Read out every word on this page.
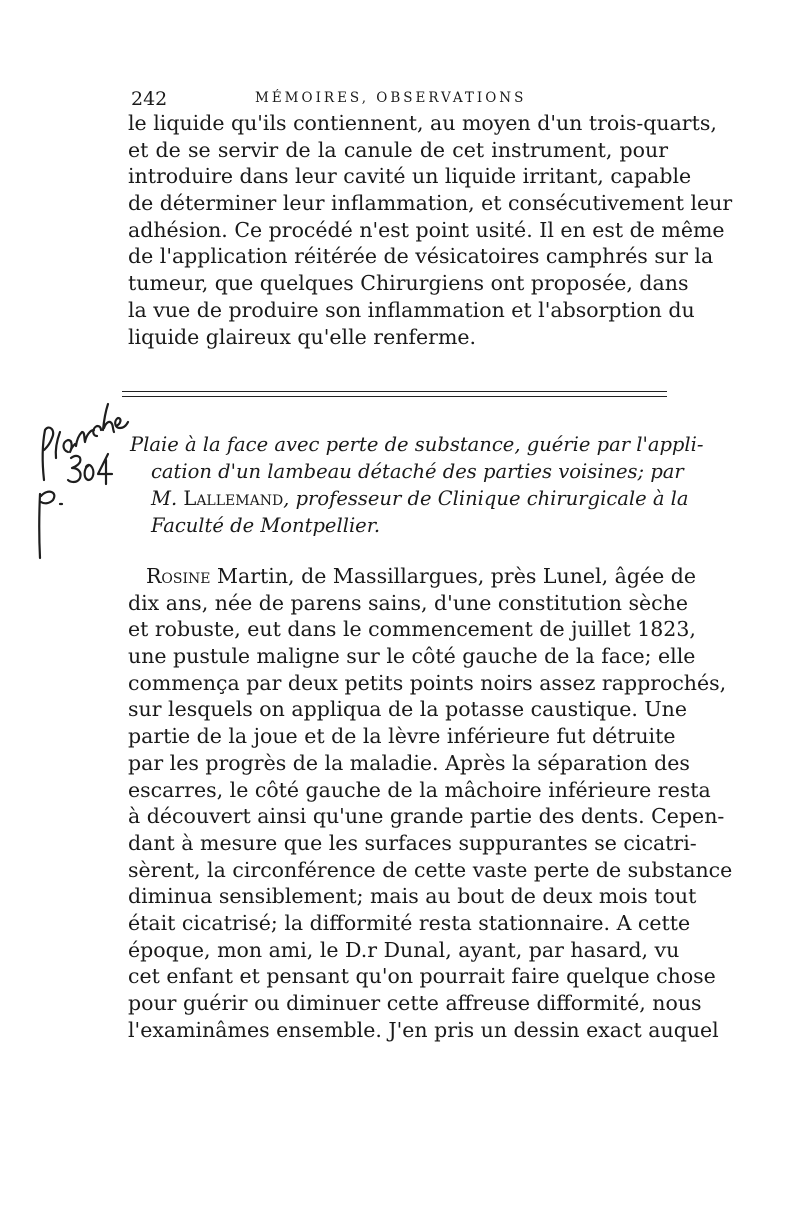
242	MÉMOIRES, OBSERVATIONS
le liquide qu'ils contiennent, au moyen d'un trois-quarts,
et de se servir de la canule de cet instrument, pour
introduire dans leur cavité un liquide irritant, capable
de déterminer leur inflammation, et consécutivement leur
adhésion. Ce procédé n'est point usité. Il en est de même
de l'application réitérée de vésicatoires camphrés sur la
tumeur, que quelques Chirurgiens ont proposée, dans
la vue de produire son inflammation et l'absorption du
liquide glaireux qu'elle renferme.
Plaie à la face avec perte de substance, guérie par l'appli-
cation d'un lambeau détaché des parties voisines; par
M. Lallemand, professeur de Clinique chirurgicale à la
Faculté de Montpellier.
Rosine Martin, de Massillargues, près Lunel, âgée de
dix ans, née de parens sains, d'une constitution sèche
et robuste, eut dans le commencement de juillet 1823,
une pustule maligne sur le côté gauche de la face; elle
commença par deux petits points noirs assez rapprochés,
sur lesquels on appliqua de la potasse caustique. Une
partie de la joue et de la lèvre inférieure fut détruite
par les progrès de la maladie. Après la séparation des
escarres, le côté gauche de la mâchoire inférieure resta
à découvert ainsi qu'une grande partie des dents. Cepen-
dant à mesure que les surfaces suppurantes se cicatri-
sèrent, la circonférence de cette vaste perte de substance
diminua sensiblement; mais au bout de deux mois tout
était cicatrisé; la difformité resta stationnaire. A cette
époque, mon ami, le D.r Dunal, ayant, par hasard, vu
cet enfant et pensant qu'on pourrait faire quelque chose
pour guérir ou diminuer cette affreuse difformité, nous
l'examinâmes ensemble. J'en pris un dessin exact auquel
